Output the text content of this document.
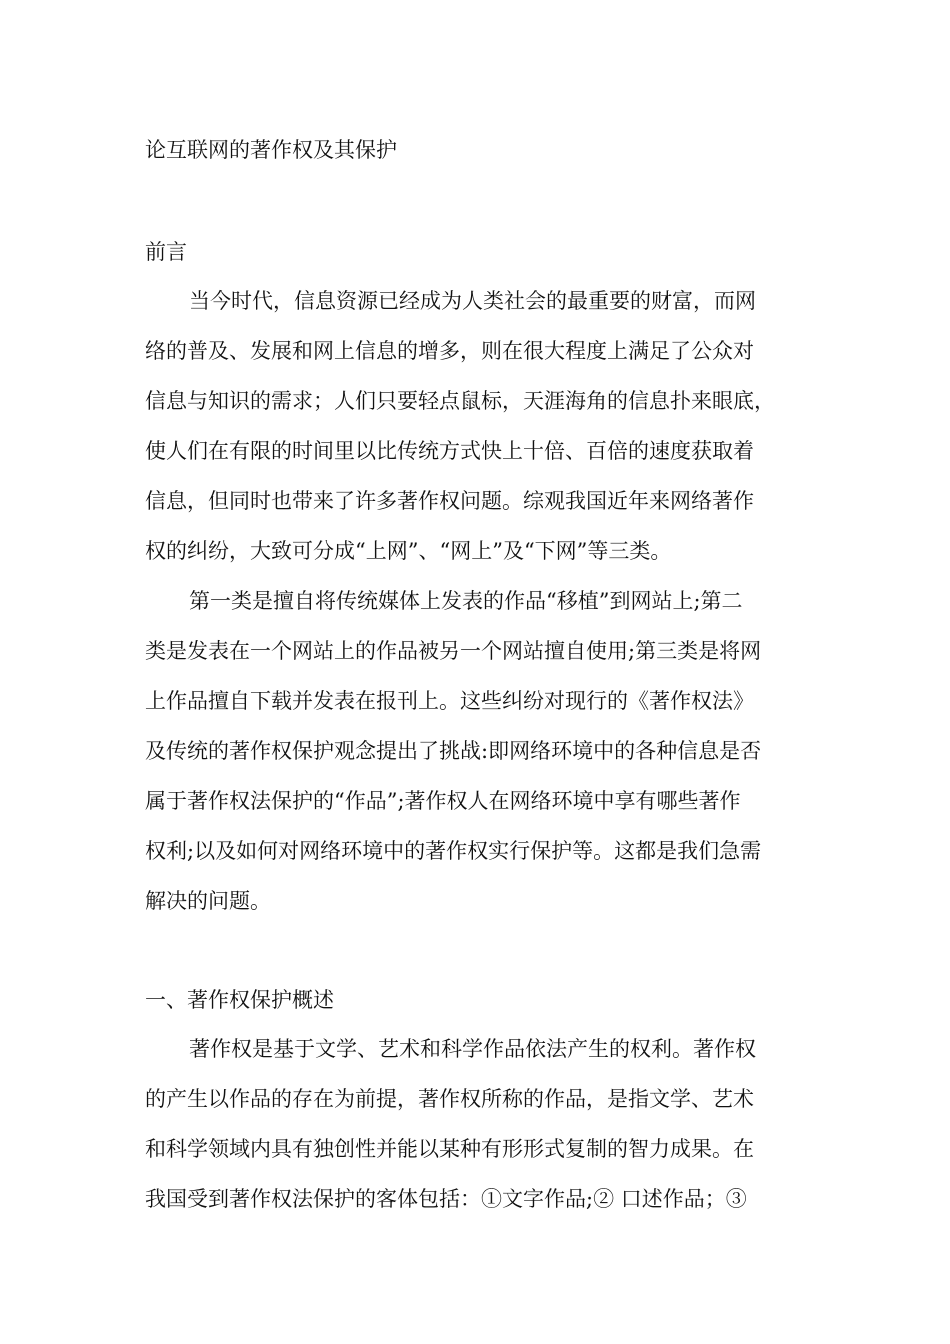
论互联网的著作权及其保护
前言
当今时代，信息资源已经成为人类社会的最重要的财富，而网
络的普及、发展和网上信息的增多，则在很大程度上满足了公众对
信息与知识的需求；人们只要轻点鼠标，天涯海角的信息扑来眼底，
使人们在有限的时间里以比传统方式快上十倍、百倍的速度获取着
信息，但同时也带来了许多著作权问题。综观我国近年来网络著作
权的纠纷，大致可分成“上网”、“网上”及“下网”等三类。
第一类是擅自将传统媒体上发表的作品“移植”到网站上;第二
类是发表在一个网站上的作品被另一个网站擅自使用;第三类是将网
上作品擅自下载并发表在报刊上。这些纠纷对现行的《著作权法》
及传统的著作权保护观念提出了挑战:即网络环境中的各种信息是否
属于著作权法保护的“作品”;著作权人在网络环境中享有哪些著作
权利;以及如何对网络环境中的著作权实行保护等。这都是我们急需
解决的问题。
一、著作权保护概述
著作权是基于文学、艺术和科学作品依法产生的权利。著作权
的产生以作品的存在为前提，著作权所称的作品，是指文学、艺术
和科学领域内具有独创性并能以某种有形形式复制的智力成果。在
我国受到著作权法保护的客体包括：①文字作品;② 口述作品；③
